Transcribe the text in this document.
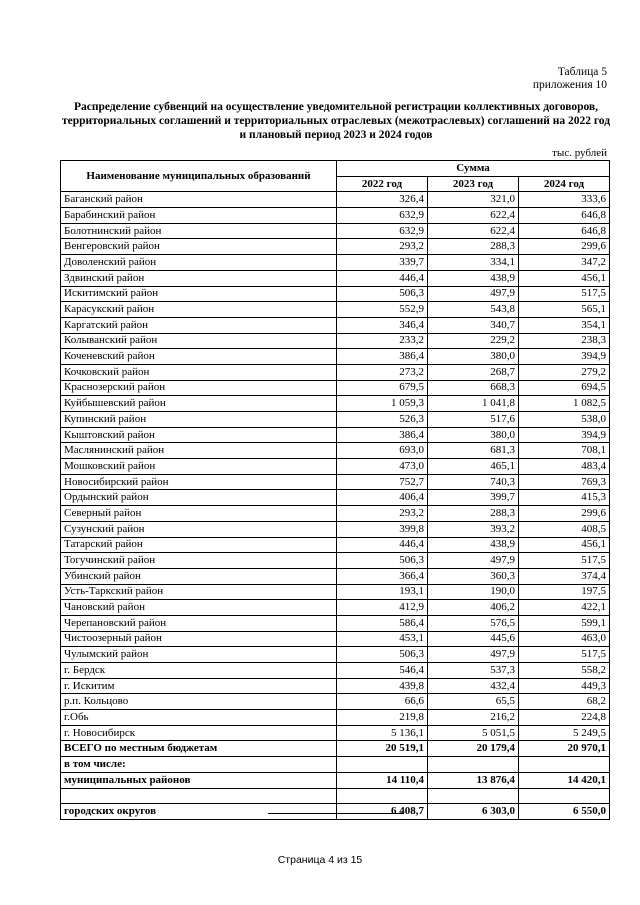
Таблица 5
приложения 10
Распределение субвенций на осуществление уведомительной регистрации коллективных договоров,
территориальных соглашений и территориальных отраслевых (межотраслевых) соглашений на 2022 год
и плановый период 2023 и 2024 годов
тыс. рублей
Наименование муниципальных образований	Сумма		
	2022 год	2023 год	2024 год
Баганский район	326,4	321,0	333,6
Барабинский район	632,9	622,4	646,8
Болотнинский район	632,9	622,4	646,8
Венгеровский район	293,2	288,3	299,6
Доволенский район	339,7	334,1	347,2
Здвинский район	446,4	438,9	456,1
Искитимский район	506,3	497,9	517,5
Карасукский район	552,9	543,8	565,1
Каргатский район	346,4	340,7	354,1
Колыванский район	233,2	229,2	238,3
Коченевский район	386,4	380,0	394,9
Кочковский район	273,2	268,7	279,2
Краснозерский район	679,5	668,3	694,5
Куйбышевский район	1 059,3	1 041,8	1 082,5
Купинский район	526,3	517,6	538,0
Кыштовский район	386,4	380,0	394,9
Маслянинский район	693,0	681,3	708,1
Мошковский район	473,0	465,1	483,4
Новосибирский район	752,7	740,3	769,3
Ордынский район	406,4	399,7	415,3
Северный район	293,2	288,3	299,6
Сузунский район	399,8	393,2	408,5
Татарский район	446,4	438,9	456,1
Тогучинский район	506,3	497,9	517,5
Убинский район	366,4	360,3	374,4
Усть-Таркский район	193,1	190,0	197,5
Чановский район	412,9	406,2	422,1
Черепановский район	586,4	576,5	599,1
Чистоозерный район	453,1	445,6	463,0
Чулымский район	506,3	497,9	517,5
г. Бердск	546,4	537,3	558,2
г. Искитим	439,8	432,4	449,3
р.п. Кольцово	66,6	65,5	68,2
г.Обь	219,8	216,2	224,8
г. Новосибирск	5 136,1	5 051,5	5 249,5
ВСЕГО по местным бюджетам	20 519,1	20 179,4	20 970,1
в том числе:			
муниципальных районов	14 110,4	13 876,4	14 420,1

городских округов	6 408,7	6 303,0	6 550,0
Страница 4 из 15
